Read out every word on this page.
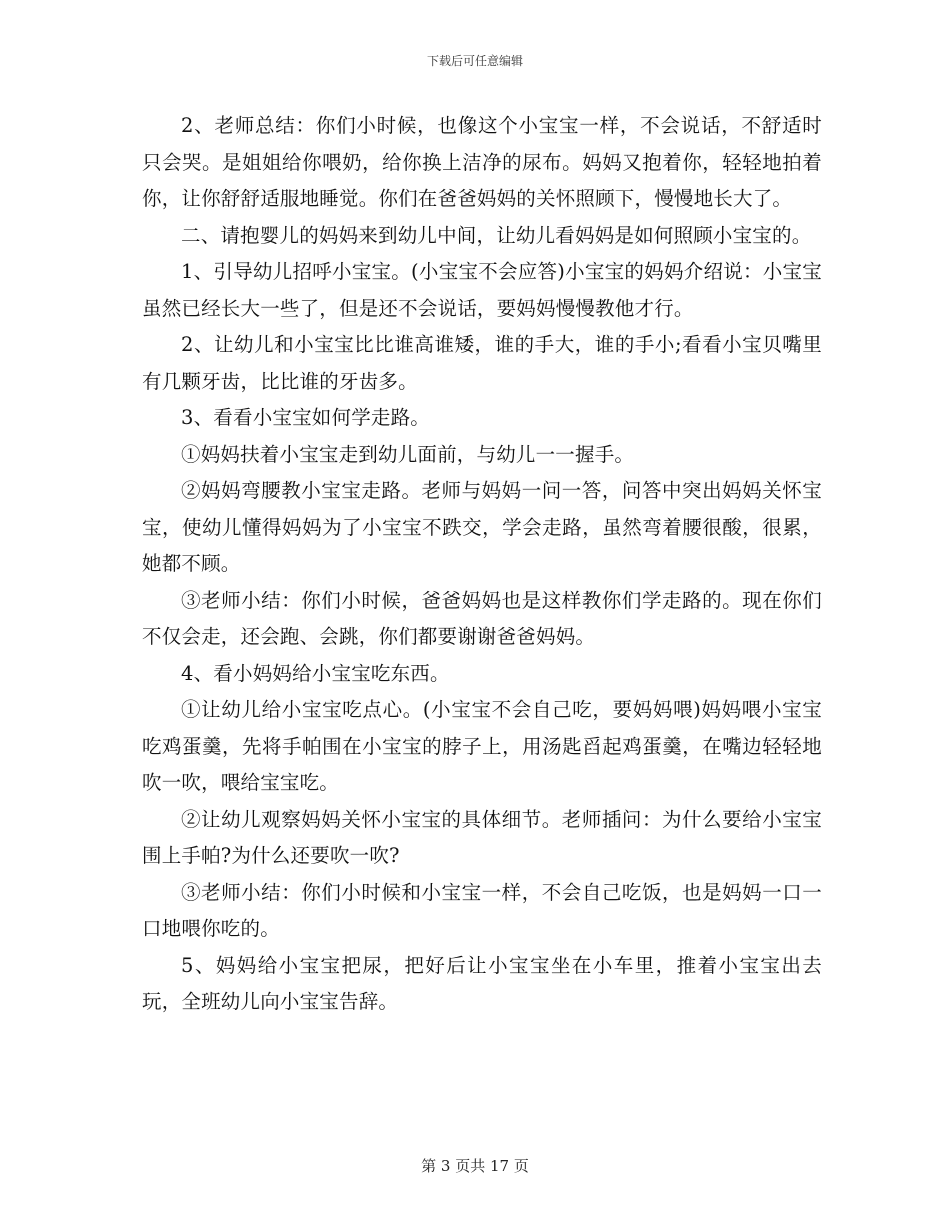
下载后可任意编辑

2、老师总结：你们小时候，也像这个小宝宝一样，不会说话，不舒适时只会哭。是姐姐给你喂奶，给你换上洁净的尿布。妈妈又抱着你，轻轻地拍着你，让你舒舒适服地睡觉。你们在爸爸妈妈的关怀照顾下，慢慢地长大了。

二、请抱婴儿的妈妈来到幼儿中间，让幼儿看妈妈是如何照顾小宝宝的。

1、引导幼儿招呼小宝宝。(小宝宝不会应答)小宝宝的妈妈介绍说：小宝宝虽然已经长大一些了，但是还不会说话，要妈妈慢慢教他才行。

2、让幼儿和小宝宝比比谁高谁矮，谁的手大，谁的手小;看看小宝贝嘴里有几颗牙齿，比比谁的牙齿多。

3、看看小宝宝如何学走路。

①妈妈扶着小宝宝走到幼儿面前，与幼儿一一握手。

②妈妈弯腰教小宝宝走路。老师与妈妈一问一答，问答中突出妈妈关怀宝宝，使幼儿懂得妈妈为了小宝宝不跌交，学会走路，虽然弯着腰很酸，很累，她都不顾。

③老师小结：你们小时候，爸爸妈妈也是这样教你们学走路的。现在你们不仅会走，还会跑、会跳，你们都要谢谢爸爸妈妈。

4、看小妈妈给小宝宝吃东西。

①让幼儿给小宝宝吃点心。(小宝宝不会自己吃，要妈妈喂)妈妈喂小宝宝吃鸡蛋羹，先将手帕围在小宝宝的脖子上，用汤匙舀起鸡蛋羹，在嘴边轻轻地吹一吹，喂给宝宝吃。

②让幼儿观察妈妈关怀小宝宝的具体细节。老师插问：为什么要给小宝宝围上手帕?为什么还要吹一吹?

③老师小结：你们小时候和小宝宝一样，不会自己吃饭，也是妈妈一口一口地喂你吃的。

5、妈妈给小宝宝把尿，把好后让小宝宝坐在小车里，推着小宝宝出去玩，全班幼儿向小宝宝告辞。

第 3 页共 17 页
